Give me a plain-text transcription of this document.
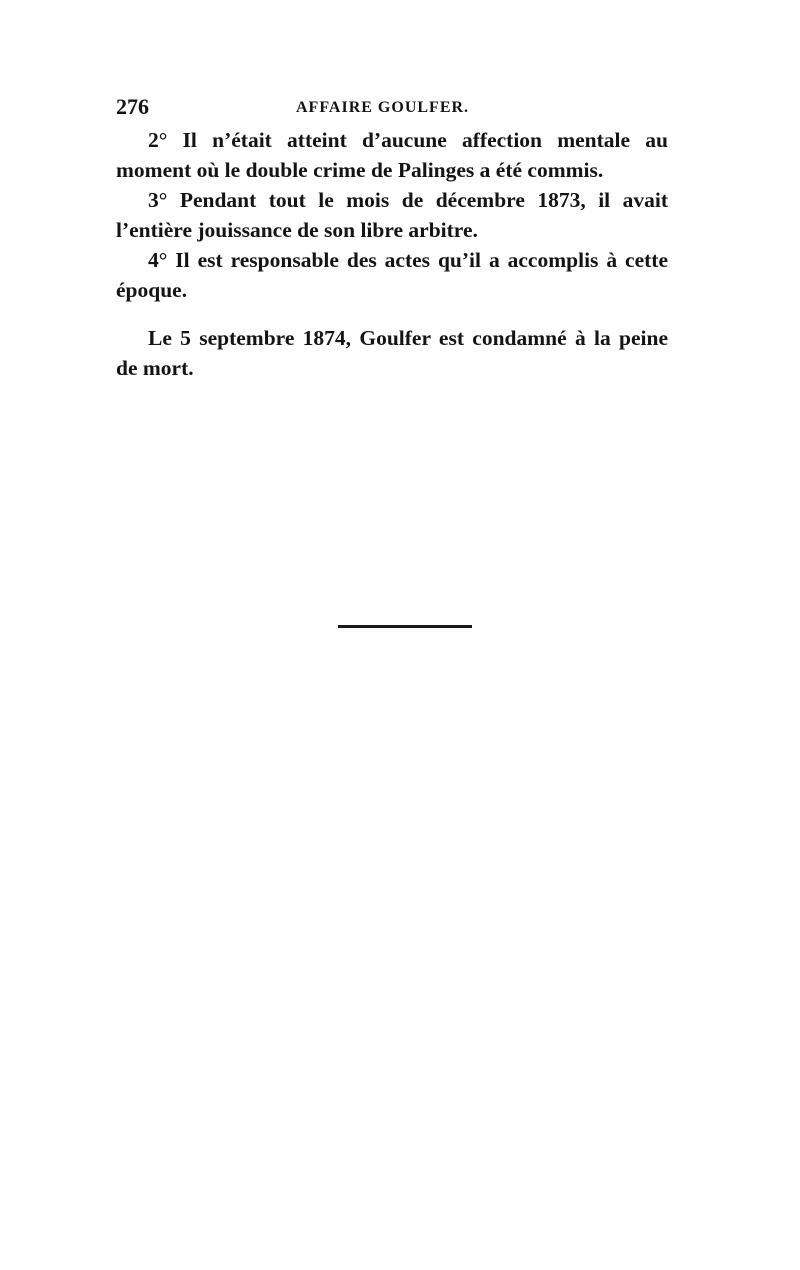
276	AFFAIRE GOULFER.

2° Il n’était atteint d’aucune affection mentale au moment où le double crime de Palinges a été commis.

3° Pendant tout le mois de décembre 1873, il avait l’entière jouissance de son libre arbitre.

4° Il est responsable des actes qu’il a accomplis à cette époque.

Le 5 septembre 1874, Goulfer est condamné à la peine de mort.
